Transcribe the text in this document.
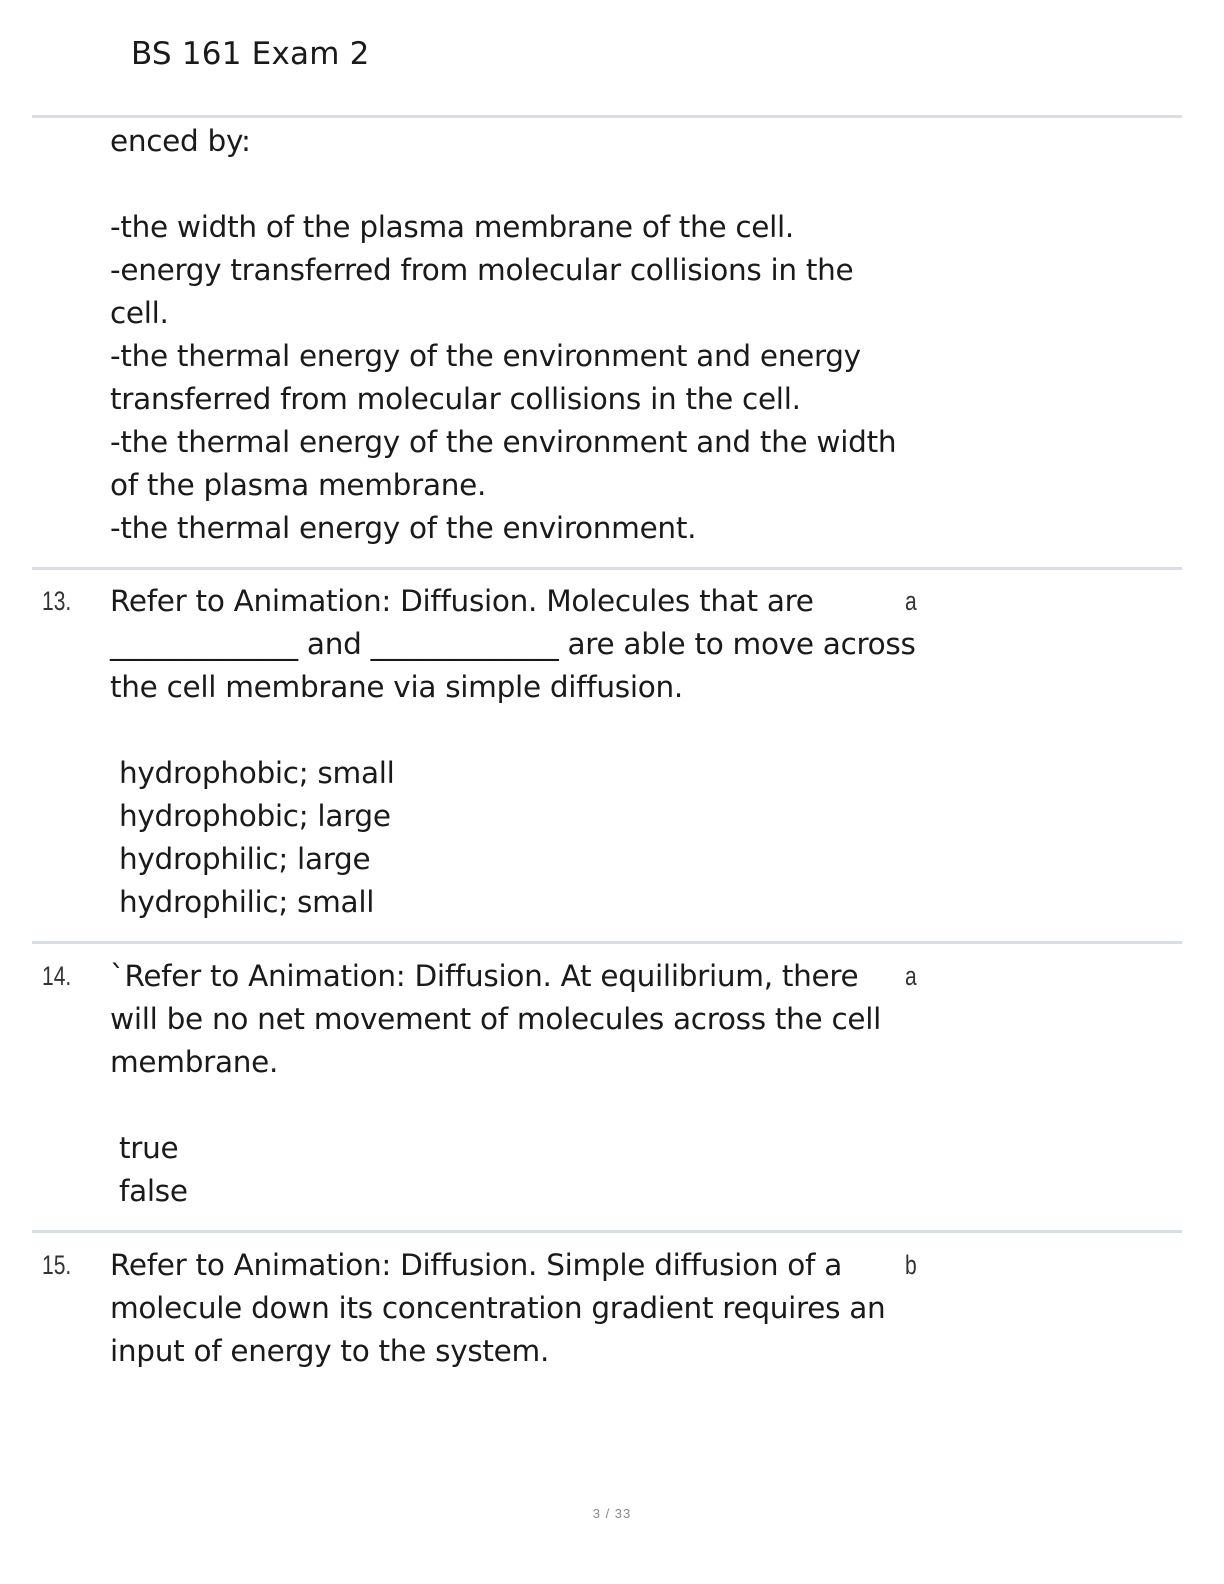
BS 161 Exam 2
enced by:
-the width of the plasma membrane of the cell.
-energy transferred from molecular collisions in the
cell.
-the thermal energy of the environment and energy
transferred from molecular collisions in the cell.
-the thermal energy of the environment and the width
of the plasma membrane.
-the thermal energy of the environment.
13.	a
Refer to Animation: Diffusion. Molecules that are
_____________ and _____________ are able to move across
the cell membrane via simple diffusion.
hydrophobic; small
hydrophobic; large
hydrophilic; large
hydrophilic; small
14.	a
`Refer to Animation: Diffusion. At equilibrium, there
will be no net movement of molecules across the cell
membrane.
true
false
15.	b
Refer to Animation: Diffusion. Simple diffusion of a
molecule down its concentration gradient requires an
input of energy to the system.
3 / 33
